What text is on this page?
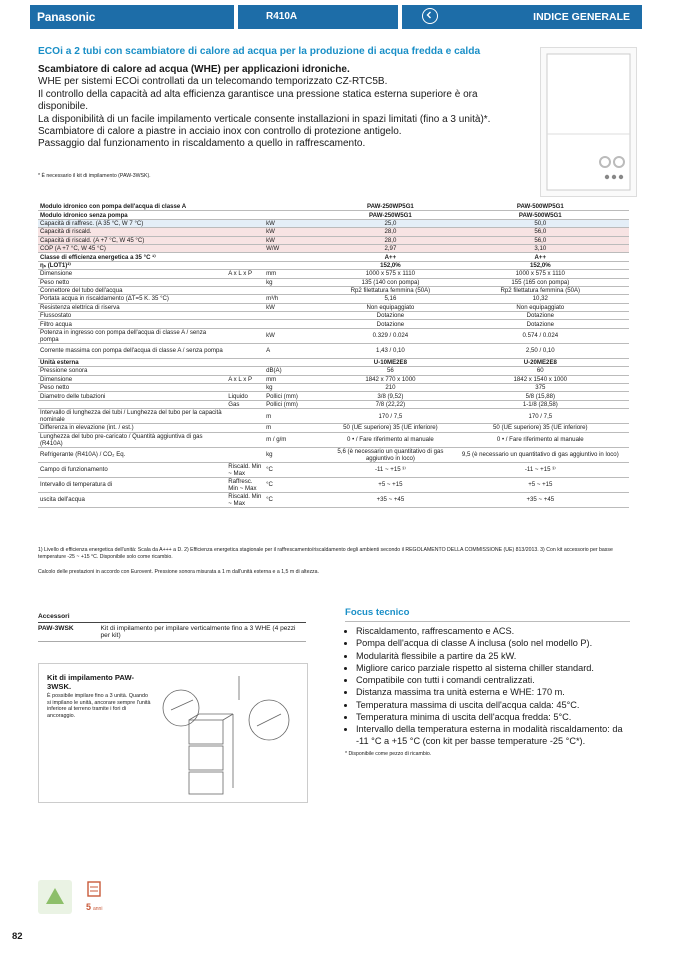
Panasonic	R410A	INDICE GENERALE
ECOi a 2 tubi con scambiatore di calore ad acqua per la produzione di acqua fredda e calda
Scambiatore di calore ad acqua (WHE) per applicazioni idroniche.
WHE per sistemi ECOi controllati da un telecomando temporizzato CZ-RTC5B.
Il controllo della capacità ad alta efficienza garantisce una pressione statica esterna superiore è ora disponibile.
La disponibilità di un facile impilamento verticale consente installazioni in spazi limitati (fino a 3 unità)*.
Scambiatore di calore a piastre in acciaio inox con controllo di protezione antigelo.
Passaggio dal funzionamento in riscaldamento a quello in raffrescamento.
* È necessario il kit di impilamento (PAW-3WSK).
Modulo idronico con pompa dell'acqua di classe A			PAW-250WP5G1	PAW-500WP5G1
Modulo idronico senza pompa			PAW-250W5G1	PAW-500W5G1
Capacità di raffresc. (A 35 °C, W 7 °C)		kW	25,0	50,0
Capacità di riscald.		kW	28,0	56,0
Capacità di riscald. (A +7 °C, W 45 °C)		kW	28,0	56,0
COP (A +7 °C, W 45 °C)		W/W	2,97	3,10
Classe di efficienza energetica a 35 °C ¹⁾			A++	A++
ηₛ (LOT1)²⁾			152,0%	152,0%
Dimensione	A x L x P	mm	1000 x 575 x 1110	1000 x 575 x 1110
Peso netto		kg	135 (140 con pompa)	155 (165 con pompa)
Connettore del tubo dell'acqua			Rp2 filettatura femmina (50A)	Rp2 filettatura femmina (50A)
Portata acqua in riscaldamento (ΔT=5 K. 35 °C)		m³/h	5,16	10,32
Resistenza elettrica di riserva		kW	Non equipaggiato	Non equipaggiato
Flussostato			Dotazione	Dotazione
Filtro acqua			Dotazione	Dotazione
Potenza in ingresso con pompa dell'acqua di classe A / senza pompa		kW	0.329 / 0.024	0.574 / 0.024
Corrente massima con pompa dell'acqua di classe A / senza pompa		A	1,43 / 0,10	2,50 / 0,10
Unità esterna			U-10ME2E8	U-20ME2E8
Pressione sonora		dB(A)	56	60
Dimensione	A x L x P	mm	1842 x 770 x 1000	1842 x 1540 x 1000
Peso netto		kg	210	375
Diametro delle tubazioni	Liquido	Pollici (mm)	3/8 (9,52)	5/8 (15,88)
	Gas	Pollici (mm)	7/8 (22,22)	1-1/8 (28,58)
Intervallo di lunghezza dei tubi / Lunghezza del tubo per la capacità nominale		m	170 / 7,5	170 / 7,5
Differenza in elevazione (int. / est.)		m	50 (UE superiore) 35 (UE inferiore)	50 (UE superiore) 35 (UE inferiore)
Lunghezza del tubo pre-caricato / Quantità aggiuntiva di gas (R410A)		m / g/m	0 • / Fare riferimento al manuale	0 • / Fare riferimento al manuale
Refrigerante (R410A) / CO₂ Eq.		kg	5,6 (è necessario un quantitativo di gas aggiuntivo in loco)	9,5 (è necessario un quantitativo di gas aggiuntivo in loco)
Campo di funzionamento	Riscald. Min ~ Max	°C	-11 ~ +15 ³⁾	-11 ~ +15 ³⁾
Intervallo di temperatura di	Raffresc. Min ~ Max	°C	+5 ~ +15	+5 ~ +15
uscita dell'acqua	Riscald. Min ~ Max	°C	+35 ~ +45	+35 ~ +45
1) Livello di efficienza energetica dell'unità: Scala da A+++ a D. 2) Efficienza energetica stagionale per il raffrescamento/riscaldamento degli ambienti secondo il REGOLAMENTO DELLA COMMISSIONE (UE) 813/2013. 3) Con kit accessorio per basse temperature -25 ~ +15 °C. Disponibile solo come ricambio.
Calcolo delle prestazioni in accordo con Eurovent. Pressione sonora misurata a 1 m dall'unità esterna e a 1,5 m di altezza.
Accessori
PAW-3WSK	Kit di impilamento per impilare verticalmente fino a 3 WHE (4 pezzi per kit)
Kit di impilamento PAW-3WSK.
È possibile impilare fino a 3 unità. Quando si impilano le unità, ancorare sempre l'unità inferiore al terreno tramite i fori di ancoraggio.
Focus tecnico
• Riscaldamento, raffrescamento e ACS.
• Pompa dell'acqua di classe A inclusa (solo nel modello P).
• Modularità flessibile a partire da 25 kW.
• Migliore carico parziale rispetto al sistema chiller standard.
• Compatibile con tutti i comandi centralizzati.
• Distanza massima tra unità esterna e WHE: 170 m.
• Temperatura massima di uscita dell'acqua calda: 45°C.
• Temperatura minima di uscita dell'acqua fredda: 5°C.
• Intervallo della temperatura esterna in modalità riscaldamento: da -11 °C a +15 °C (con kit per basse temperature -25 °C*).
* Disponibile come pezzo di ricambio.
5 anni
82
